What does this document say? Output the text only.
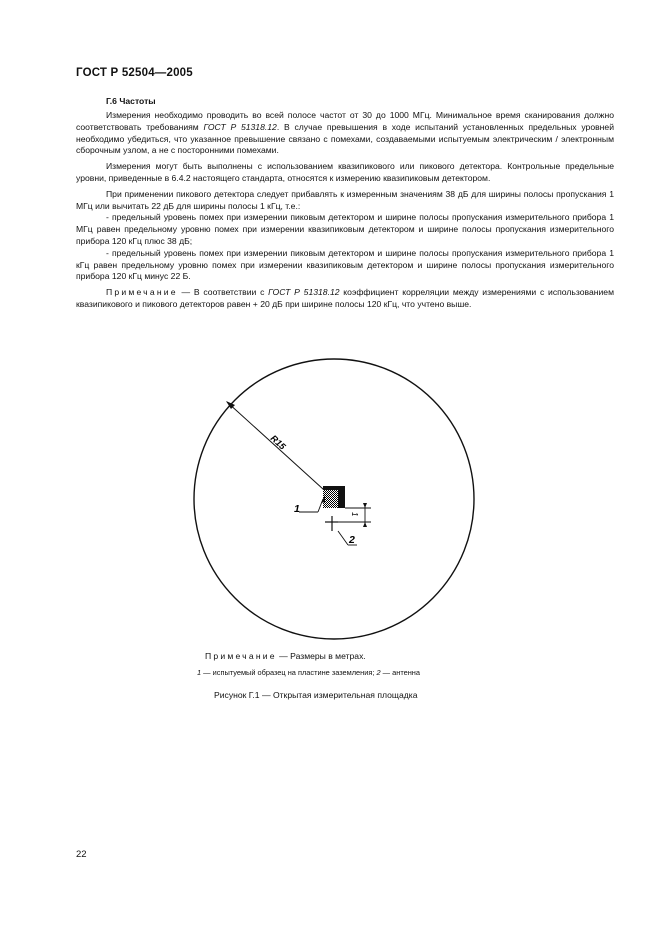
ГОСТ Р 52504—2005
Г.6 Частоты

Измерения необходимо проводить во всей полосе частот от 30 до 1000 МГц. Минимальное время сканирования должно соответствовать требованиям ГОСТ Р 51318.12. В случае превышения в ходе испытаний установленных предельных уровней необходимо убедиться, что указанное превышение связано с помехами, создаваемыми испытуемым электрическим / электронным сборочным узлом, а не с посторонними помехами.

Измерения могут быть выполнены с использованием квазипикового или пикового детектора. Контрольные предельные уровни, приведенные в 6.4.2 настоящего стандарта, относятся к измерению квазипиковым детектором.

При применении пикового детектора следует прибавлять к измеренным значениям 38 дБ для ширины полосы пропускания 1 МГц или вычитать 22 дБ для ширины полосы 1 кГц, т.е.:

- предельный уровень помех при измерении пиковым детектором и ширине полосы пропускания измерительного прибора 1 МГц равен предельному уровню помех при измерении квазипиковым детектором и ширине полосы пропускания измерительного прибора 120 кГц плюс 38 дБ;

- предельный уровень помех при измерении пиковым детектором и ширине полосы пропускания измерительного прибора 1 кГц равен предельному уровню помех при измерении квазипиковым детектором и ширине полосы пропускания измерительного прибора 120 кГц минус 22 Б.

Примечание — В соответствии с ГОСТ Р 51318.12 коэффициент корреляции между измерениями с использованием квазипикового и пикового детекторов равен + 20 дБ при ширине полосы 120 кГц, что учтено выше.

R15
1	1
2
Примечание — Размеры в метрах.
1 — испытуемый образец на пластине заземления; 2 — антенна
Рисунок Г.1 — Открытая измерительная площадка
22
